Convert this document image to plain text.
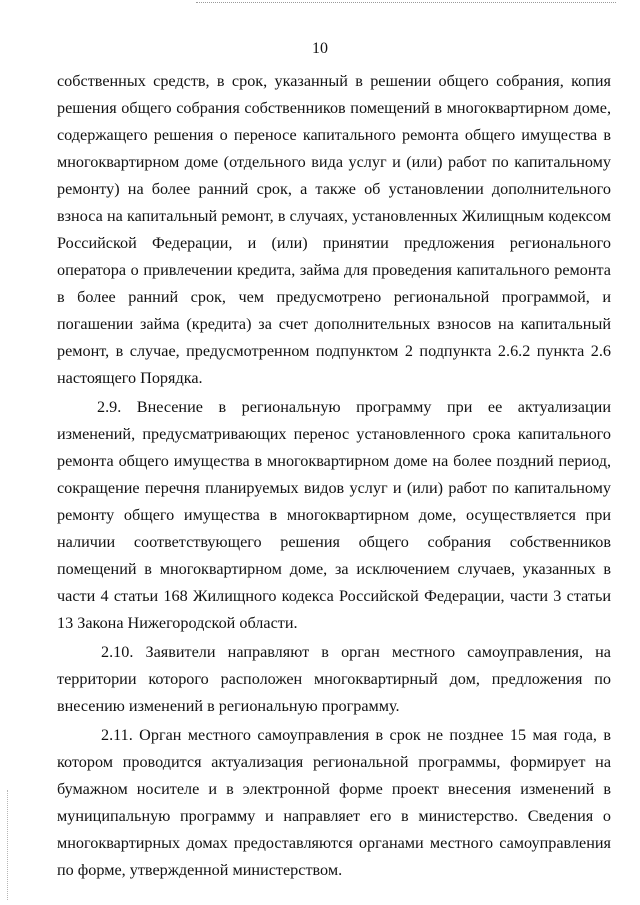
10

собственных средств, в срок, указанный в решении общего собрания, копия решения общего собрания собственников помещений в многоквартирном доме, содержащего решения о переносе капитального ремонта общего имущества в многоквартирном доме (отдельного вида услуг и (или) работ по капитальному ремонту) на более ранний срок, а также об установлении дополнительного взноса на капитальный ремонт, в случаях, установленных Жилищным кодексом Российской Федерации, и (или) принятии предложения регионального оператора о привлечении кредита, займа для проведения капитального ремонта в более ранний срок, чем предусмотрено региональной программой, и погашении займа (кредита) за счет дополнительных взносов на капитальный ремонт, в случае, предусмотренном подпунктом 2 подпункта 2.6.2 пункта 2.6 настоящего Порядка.

2.9. Внесение в региональную программу при ее актуализации изменений, предусматривающих перенос установленного срока капитального ремонта общего имущества в многоквартирном доме на более поздний период, сокращение перечня планируемых видов услуг и (или) работ по капитальному ремонту общего имущества в многоквартирном доме, осуществляется при наличии соответствующего решения общего собрания собственников помещений в многоквартирном доме, за исключением случаев, указанных в части 4 статьи 168 Жилищного кодекса Российской Федерации, части 3 статьи 13 Закона Нижегородской области.

2.10. Заявители направляют в орган местного самоуправления, на территории которого расположен многоквартирный дом, предложения по внесению изменений в региональную программу.

2.11. Орган местного самоуправления в срок не позднее 15 мая года, в котором проводится актуализация региональной программы, формирует на бумажном носителе и в электронной форме проект внесения изменений в муниципальную программу и направляет его в министерство. Сведения о многоквартирных домах предоставляются органами местного самоуправления по форме, утвержденной министерством.
